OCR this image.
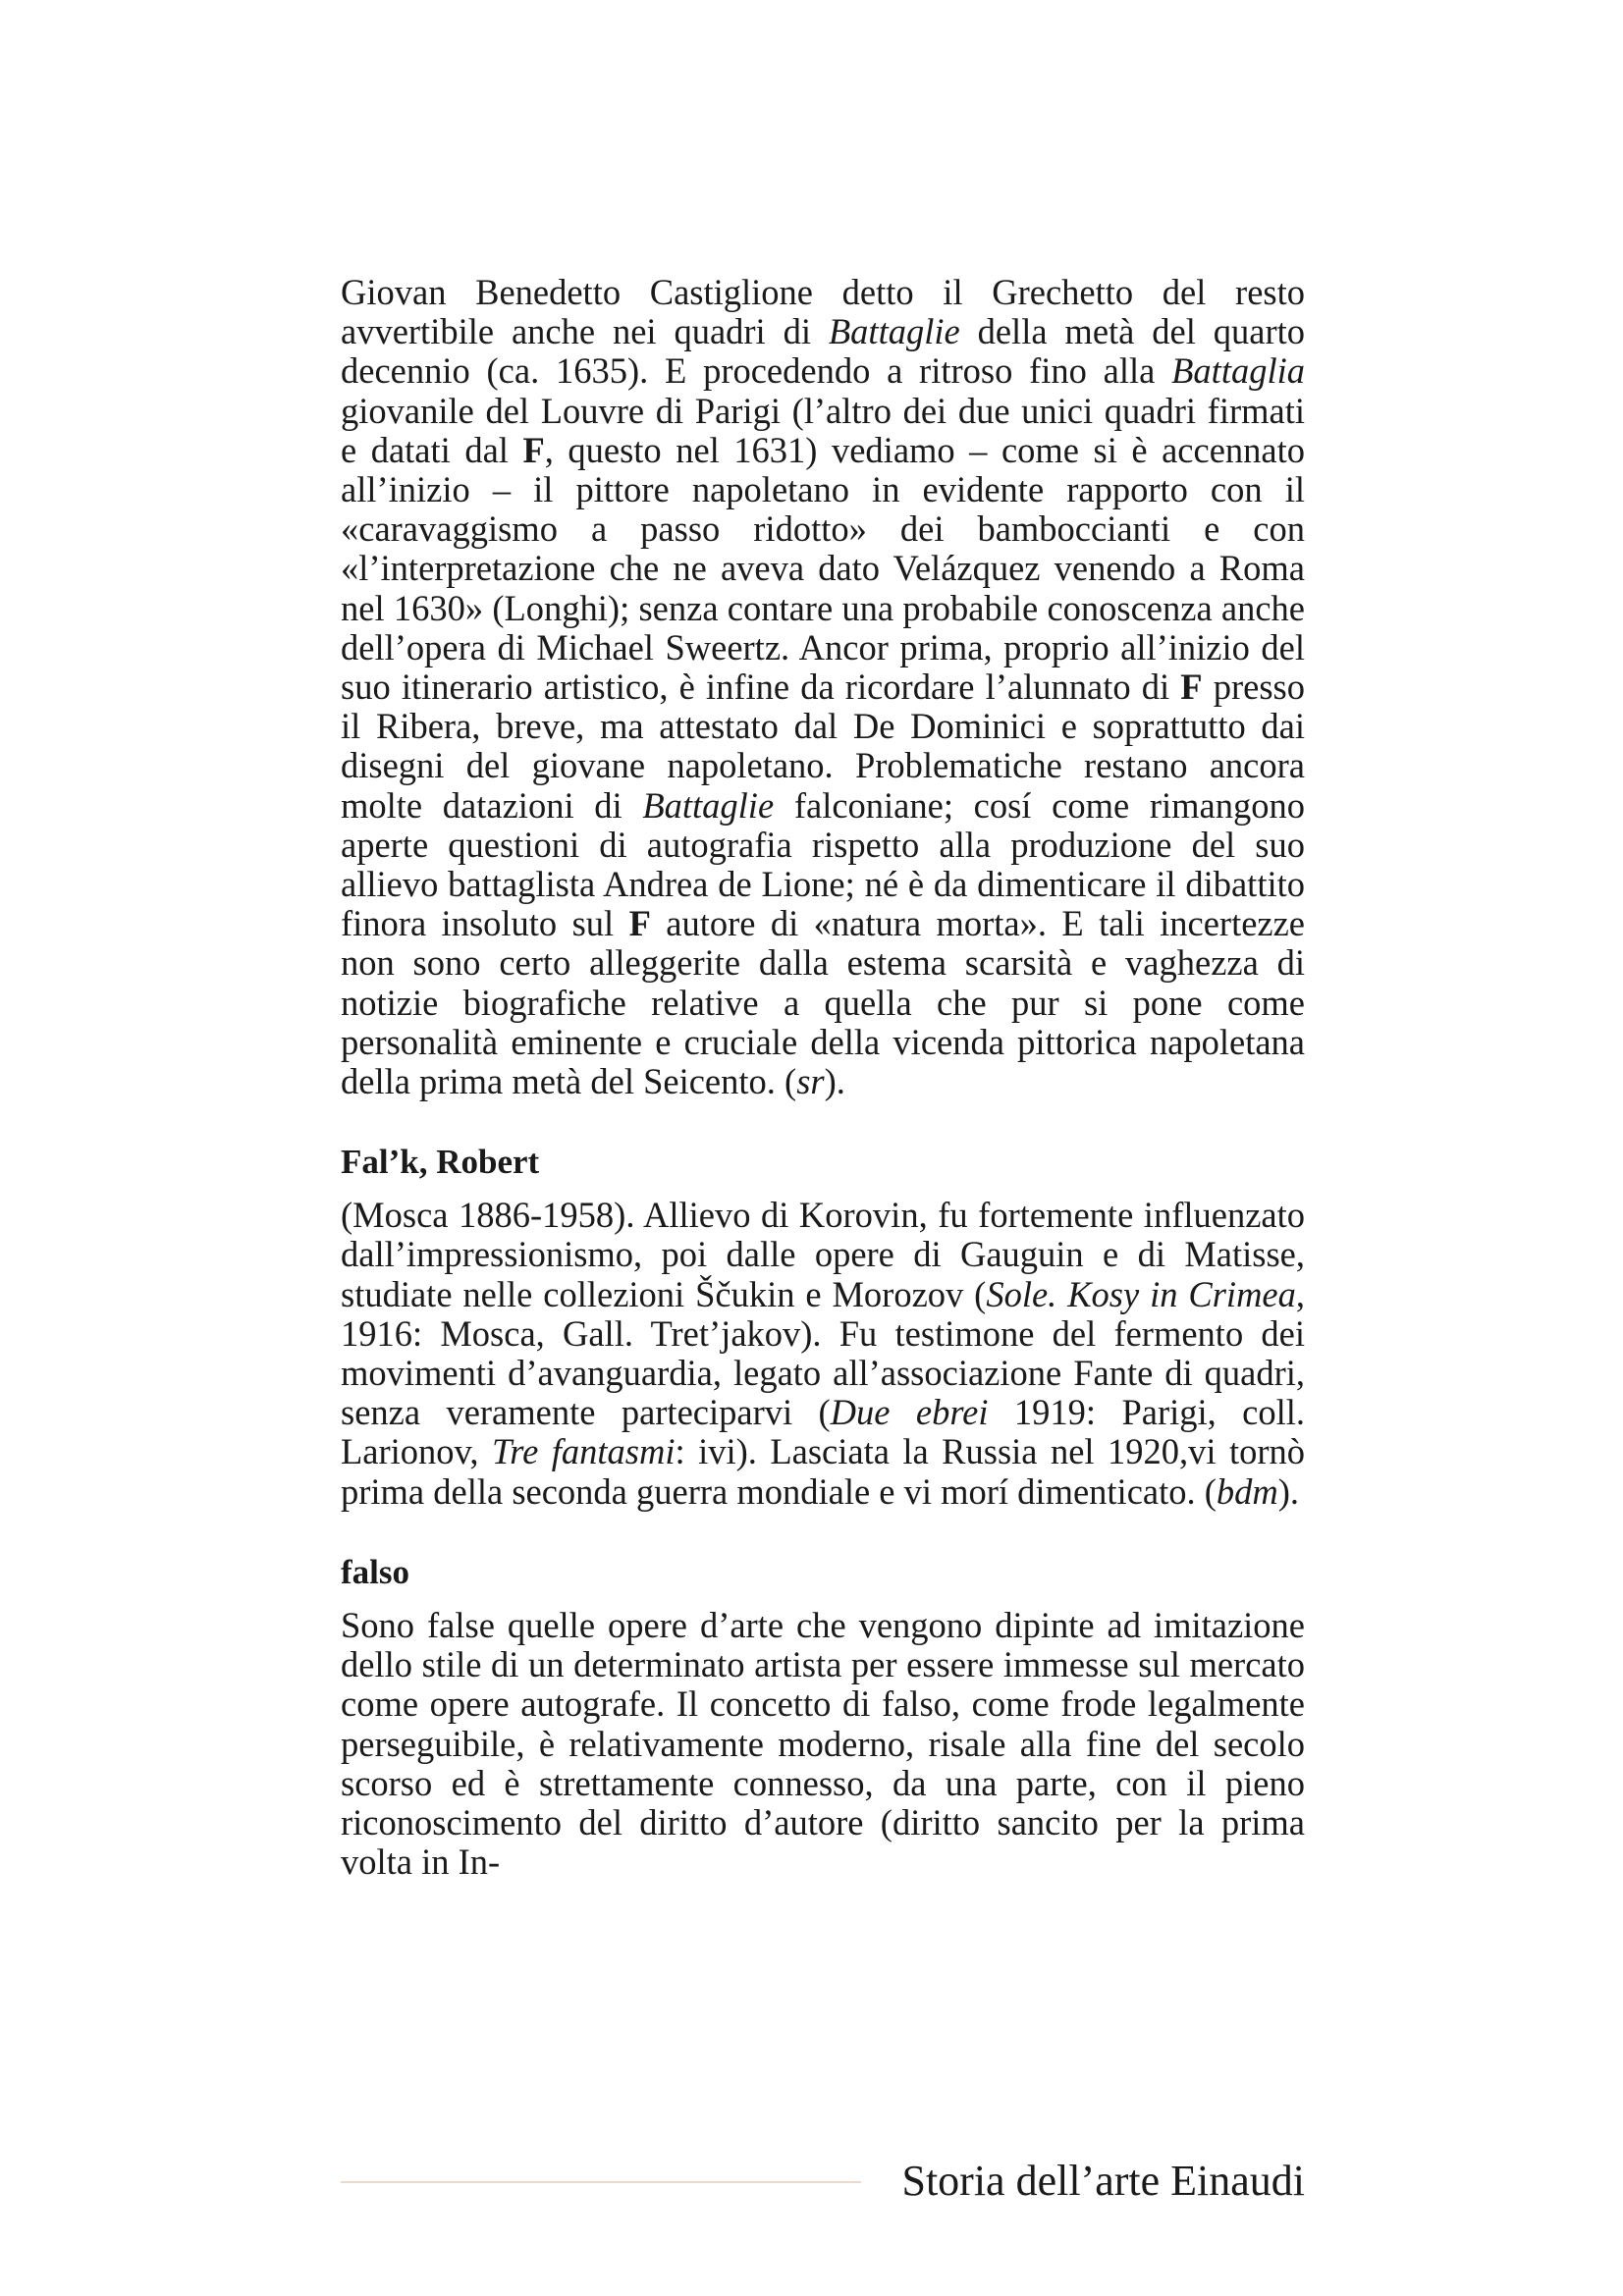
Giovan Benedetto Castiglione detto il Grechetto del resto avvertibile anche nei quadri di Battaglie della metà del quarto decennio (ca. 1635). E procedendo a ritroso fino alla Battaglia giovanile del Louvre di Parigi (l’altro dei due unici quadri firmati e datati dal F, questo nel 1631) vediamo – come si è accennato all’inizio – il pittore napoletano in evidente rapporto con il «caravaggismo a passo ridotto» dei bamboccianti e con «l’interpretazione che ne aveva dato Velázquez venendo a Roma nel 1630» (Longhi); senza contare una probabile conoscenza anche dell’opera di Michael Sweertz. Ancor prima, proprio all’inizio del suo itinerario artistico, è infine da ricordare l’alunnato di F presso il Ribera, breve, ma attestato dal De Dominici e soprattutto dai disegni del giovane napoletano. Problematiche restano ancora molte datazioni di Battaglie falconiane; cosí come rimangono aperte questioni di autografia rispetto alla produzione del suo allievo battaglista Andrea de Lione; né è da dimenticare il dibattito finora insoluto sul F autore di «natura morta». E tali incertezze non sono certo alleggerite dalla estema scarsità e vaghezza di notizie biografiche relative a quella che pur si pone come personalità eminente e cruciale della vicenda pittorica napoletana della prima metà del Seicento. (sr).

Fal’k, Robert

(Mosca 1886-1958). Allievo di Korovin, fu fortemente influenzato dall’impressionismo, poi dalle opere di Gauguin e di Matisse, studiate nelle collezioni Ščukin e Morozov (Sole. Kosy in Crimea, 1916: Mosca, Gall. Tret’jakov). Fu testimone del fermento dei movimenti d’avanguardia, legato all’associazione Fante di quadri, senza veramente parteciparvi (Due ebrei 1919: Parigi, coll. Larionov, Tre fantasmi: ivi). Lasciata la Russia nel 1920,vi tornò prima della seconda guerra mondiale e vi morí dimenticato. (bdm).

falso

Sono false quelle opere d’arte che vengono dipinte ad imitazione dello stile di un determinato artista per essere immesse sul mercato come opere autografe. Il concetto di falso, come frode legalmente perseguibile, è relativamente moderno, risale alla fine del secolo scorso ed è strettamente connesso, da una parte, con il pieno riconoscimento del diritto d’autore (diritto sancito per la prima volta in In-

Storia dell’arte Einaudi
